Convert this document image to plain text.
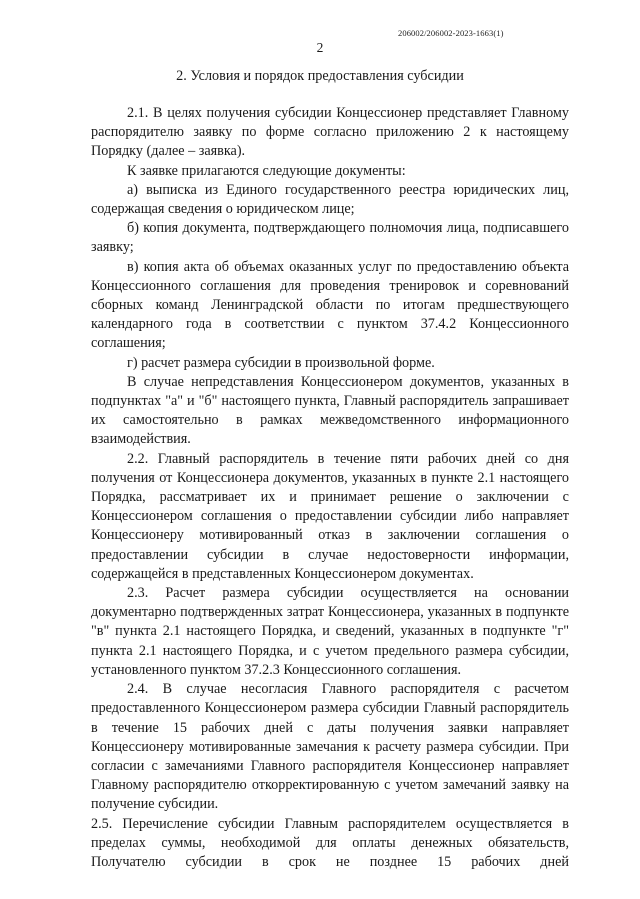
206002/206002-2023-1663(1)
2
2. Условия и порядок предоставления субсидии

2.1. В целях получения субсидии Концессионер представляет Главному распорядителю заявку по форме согласно приложению 2 к настоящему Порядку (далее – заявка).

К заявке прилагаются следующие документы:

а) выписка из Единого государственного реестра юридических лиц, содержащая сведения о юридическом лице;

б) копия документа, подтверждающего полномочия лица, подписавшего заявку;

в) копия акта об объемах оказанных услуг по предоставлению объекта Концессионного соглашения для проведения тренировок и соревнований сборных команд Ленинградской области по итогам предшествующего календарного года в соответствии с пунктом 37.4.2 Концессионного соглашения;

г) расчет размера субсидии в произвольной форме.

В случае непредставления Концессионером документов, указанных в подпунктах "а" и "б" настоящего пункта, Главный распорядитель запрашивает их самостоятельно в рамках межведомственного информационного взаимодействия.

2.2. Главный распорядитель в течение пяти рабочих дней со дня получения от Концессионера документов, указанных в пункте 2.1 настоящего Порядка, рассматривает их и принимает решение о заключении с Концессионером соглашения о предоставлении субсидии либо направляет Концессионеру мотивированный отказ в заключении соглашения о предоставлении субсидии в случае недостоверности информации, содержащейся в представленных Концессионером документах.

2.3. Расчет размера субсидии осуществляется на основании документарно подтвержденных затрат Концессионера, указанных в подпункте "в" пункта 2.1 настоящего Порядка, и сведений, указанных в подпункте "г" пункта 2.1 настоящего Порядка, и с учетом предельного размера субсидии, установленного пунктом 37.2.3 Концессионного соглашения.

2.4. В случае несогласия Главного распорядителя с расчетом предоставленного Концессионером размера субсидии Главный распорядитель в течение 15 рабочих дней с даты получения заявки направляет Концессионеру мотивированные замечания к расчету размера субсидии. При согласии с замечаниями Главного распорядителя Концессионер направляет Главному распорядителю откорректированную с учетом замечаний заявку на получение субсидии.

2.5. Перечисление субсидии Главным распорядителем осуществляется в пределах суммы, необходимой для оплаты денежных обязательств, Получателю субсидии в срок не позднее 15 рабочих дней
